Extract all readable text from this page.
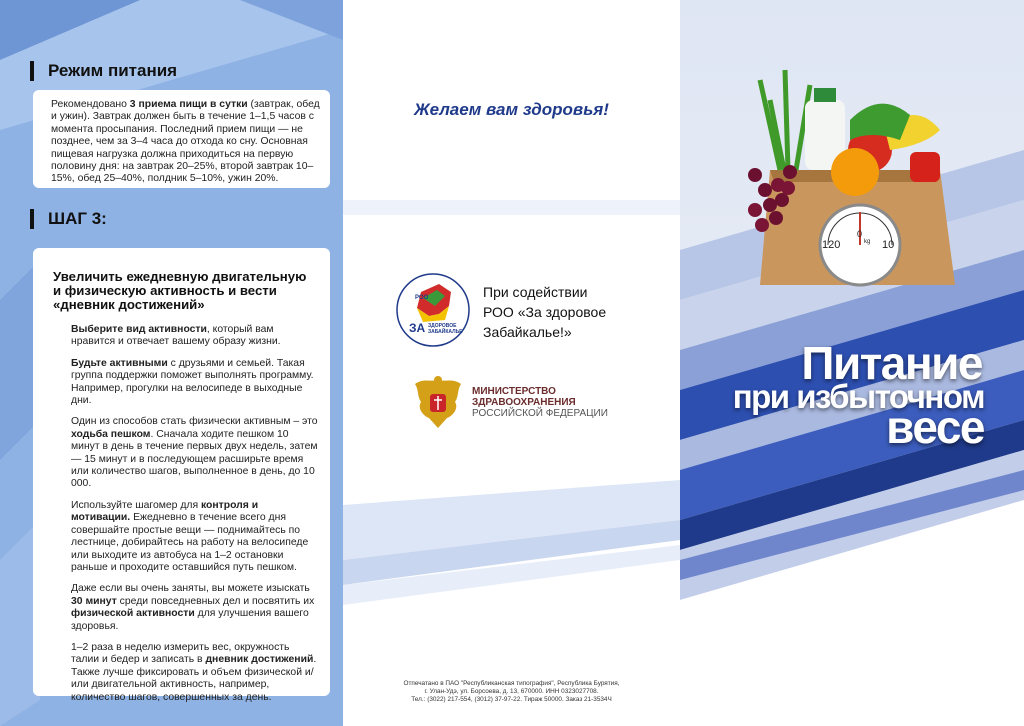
Режим питания

Рекомендовано 3 приема пищи в сутки (завтрак, обед и ужин). Завтрак должен быть в течение 1–1,5 часов с момента просыпания. Последний прием пищи — не позднее, чем за 3–4 часа до отхода ко сну. Основная пищевая нагрузка должна приходиться на первую половину дня: на завтрак 20–25%, второй завтрак 10–15%, обед 25–40%, полдник 5–10%, ужин 20%.

ШАГ 3:
Увеличить ежедневную двигательную и физическую активность и вести «дневник достижений»

Выберите вид активности, который вам нравится и отвечает вашему образу жизни.

Будьте активными с друзьями и семьей. Такая группа поддержки поможет выполнять программу. Например, прогулки на велосипеде в выходные дни.

Один из способов стать физически активным – это ходьба пешком. Сначала ходите пешком 10 минут в день в течение первых двух недель, затем — 15 минут и в последующем расширьте время или количество шагов, выполненное в день, до 10 000.

Используйте шагомер для контроля и мотивации. Ежедневно в течение всего дня совершайте простые вещи — поднимайтесь по лестнице, добирайтесь на работу на велосипеде или выходите из автобуса на 1–2 остановки раньше и проходите оставшийся путь пешком.

Даже если вы очень заняты, вы можете изыскать 30 минут среди повседневных дел и посвятить их физической активности для улучшения вашего здоровья.

1–2 раза в неделю измерить вес, окружность талии и бедер и записать в дневник достижений. Также лучше фиксировать и объем физической и/или двигательной активность, например, количество шагов, совершенных за день.

Желаем вам здоровья!
РОО
ЗА ЗДОРОВОЕ
ЗАБАЙКАЛЬЕ
При содействии
РОО «За здоровое
Забайкалье!»
МИНИСТЕРСТВО
ЗДРАВООХРАНЕНИЯ
РОССИЙСКОЙ ФЕДЕРАЦИИ
Отпечатано в ПАО "Республиканская типография", Республика Бурятия,
г. Улан-Удэ, ул. Борсоева, д. 13, 670000. ИНН 0323027708.
Тел.: (3022) 217-554, (3012) 37-97-22. Тираж 50000. Заказ 21-3534Ч
120
0
kg 10
Питание
при избыточном
весе
